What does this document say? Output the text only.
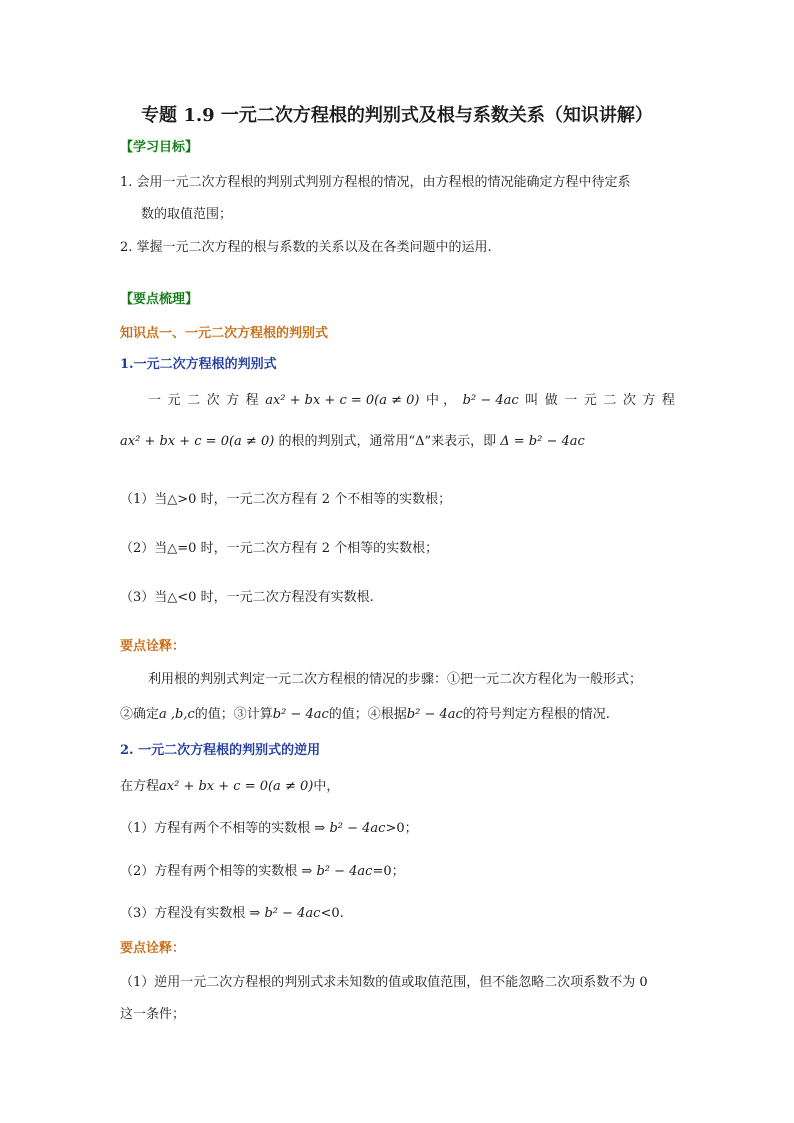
专题 1.9 一元二次方程根的判别式及根与系数关系（知识讲解）
【学习目标】
1. 会用一元二次方程根的判别式判别方程根的情况，由方程根的情况能确定方程中待定系
数的取值范围；
2. 掌握一元二次方程的根与系数的关系以及在各类问题中的运用.
【要点梳理】
知识点一、一元二次方程根的判别式
1.一元二次方程根的判别式
一 元 二 次 方 程 ax² + bx + c = 0(a ≠ 0) 中 ， b² − 4ac 叫 做 一 元 二 次 方 程
ax² + bx + c = 0(a ≠ 0) 的根的判别式，通常用“Δ”来表示，即 Δ = b² − 4ac
（1）当△>0 时，一元二次方程有 2 个不相等的实数根；
（2）当△=0 时，一元二次方程有 2 个相等的实数根；
（3）当△<0 时，一元二次方程没有实数根.
要点诠释：
利用根的判别式判定一元二次方程根的情况的步骤：①把一元二次方程化为一般形式；
②确定a ,b,c的值；③计算b² − 4ac的值；④根据b² − 4ac的符号判定方程根的情况.
2. 一元二次方程根的判别式的逆用
在方程ax² + bx + c = 0(a ≠ 0)中，
（1）方程有两个不相等的实数根 ⇒ b² − 4ac>0；
（2）方程有两个相等的实数根 ⇒ b² − 4ac=0；
（3）方程没有实数根 ⇒ b² − 4ac<0.
要点诠释：
（1）逆用一元二次方程根的判别式求未知数的值或取值范围，但不能忽略二次项系数不为 0
这一条件；
